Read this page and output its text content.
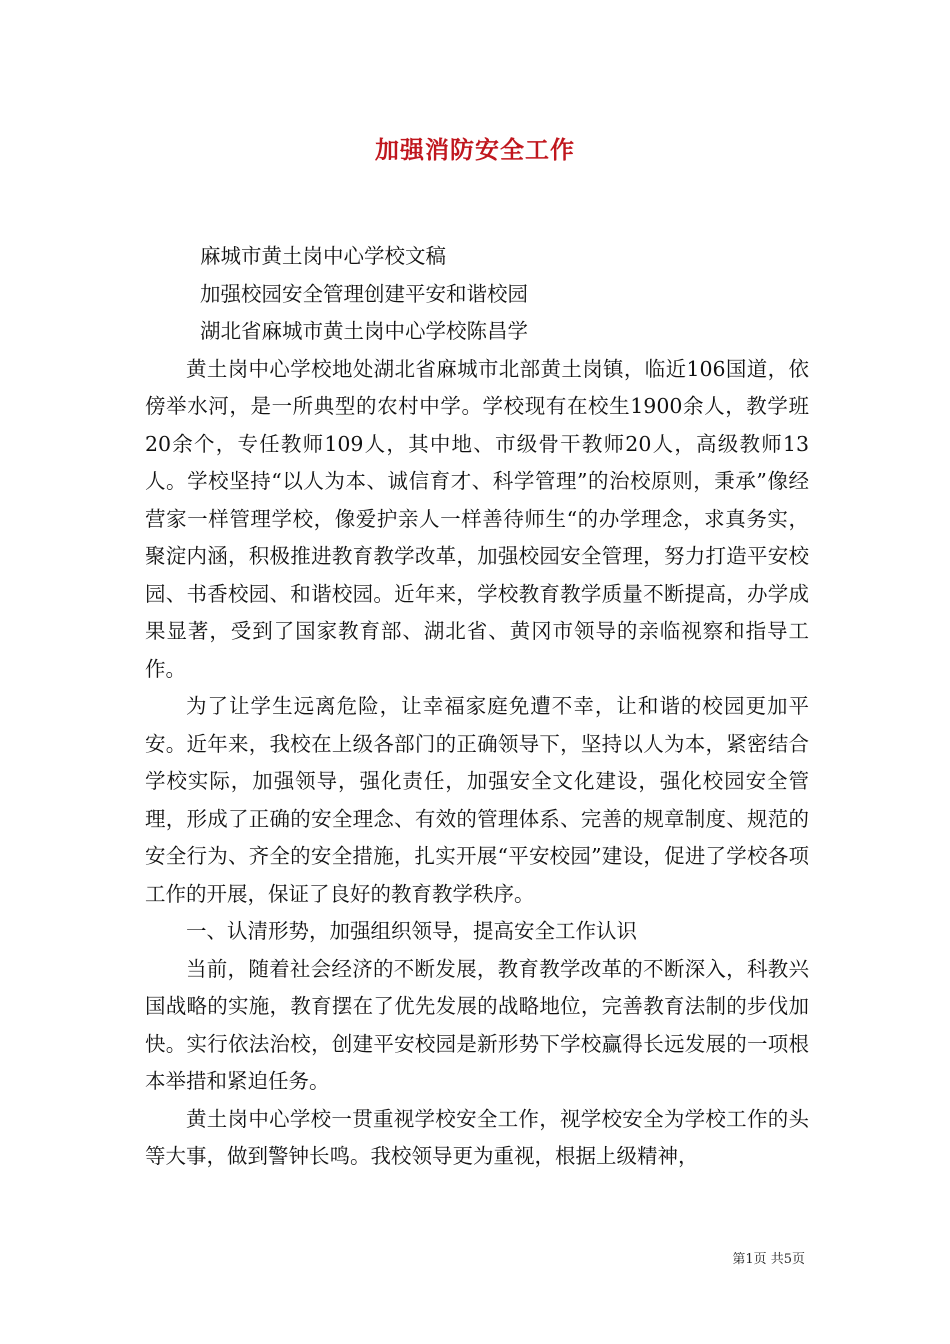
加强消防安全工作

麻城市黄土岗中心学校文稿

加强校园安全管理创建平安和谐校园

湖北省麻城市黄土岗中心学校陈昌学

黄土岗中心学校地处湖北省麻城市北部黄土岗镇，临近106国道，依傍举水河，是一所典型的农村中学。学校现有在校生1900余人，教学班20余个，专任教师109人，其中地、市级骨干教师20人，高级教师13人。学校坚持“以人为本、诚信育才、科学管理”的治校原则，秉承”像经营家一样管理学校，像爱护亲人一样善待师生“的办学理念，求真务实，聚淀内涵，积极推进教育教学改革，加强校园安全管理，努力打造平安校园、书香校园、和谐校园。近年来，学校教育教学质量不断提高，办学成果显著，受到了国家教育部、湖北省、黄冈市领导的亲临视察和指导工作。

为了让学生远离危险，让幸福家庭免遭不幸，让和谐的校园更加平安。近年来，我校在上级各部门的正确领导下，坚持以人为本，紧密结合学校实际，加强领导，强化责任，加强安全文化建设，强化校园安全管理，形成了正确的安全理念、有效的管理体系、完善的规章制度、规范的安全行为、齐全的安全措施，扎实开展“平安校园”建设，促进了学校各项工作的开展，保证了良好的教育教学秩序。

一、认清形势，加强组织领导，提高安全工作认识

当前，随着社会经济的不断发展，教育教学改革的不断深入，科教兴国战略的实施，教育摆在了优先发展的战略地位，完善教育法制的步伐加快。实行依法治校，创建平安校园是新形势下学校赢得长远发展的一项根本举措和紧迫任务。

黄土岗中心学校一贯重视学校安全工作，视学校安全为学校工作的头等大事，做到警钟长鸣。我校领导更为重视，根据上级精神，

第1页 共5页
